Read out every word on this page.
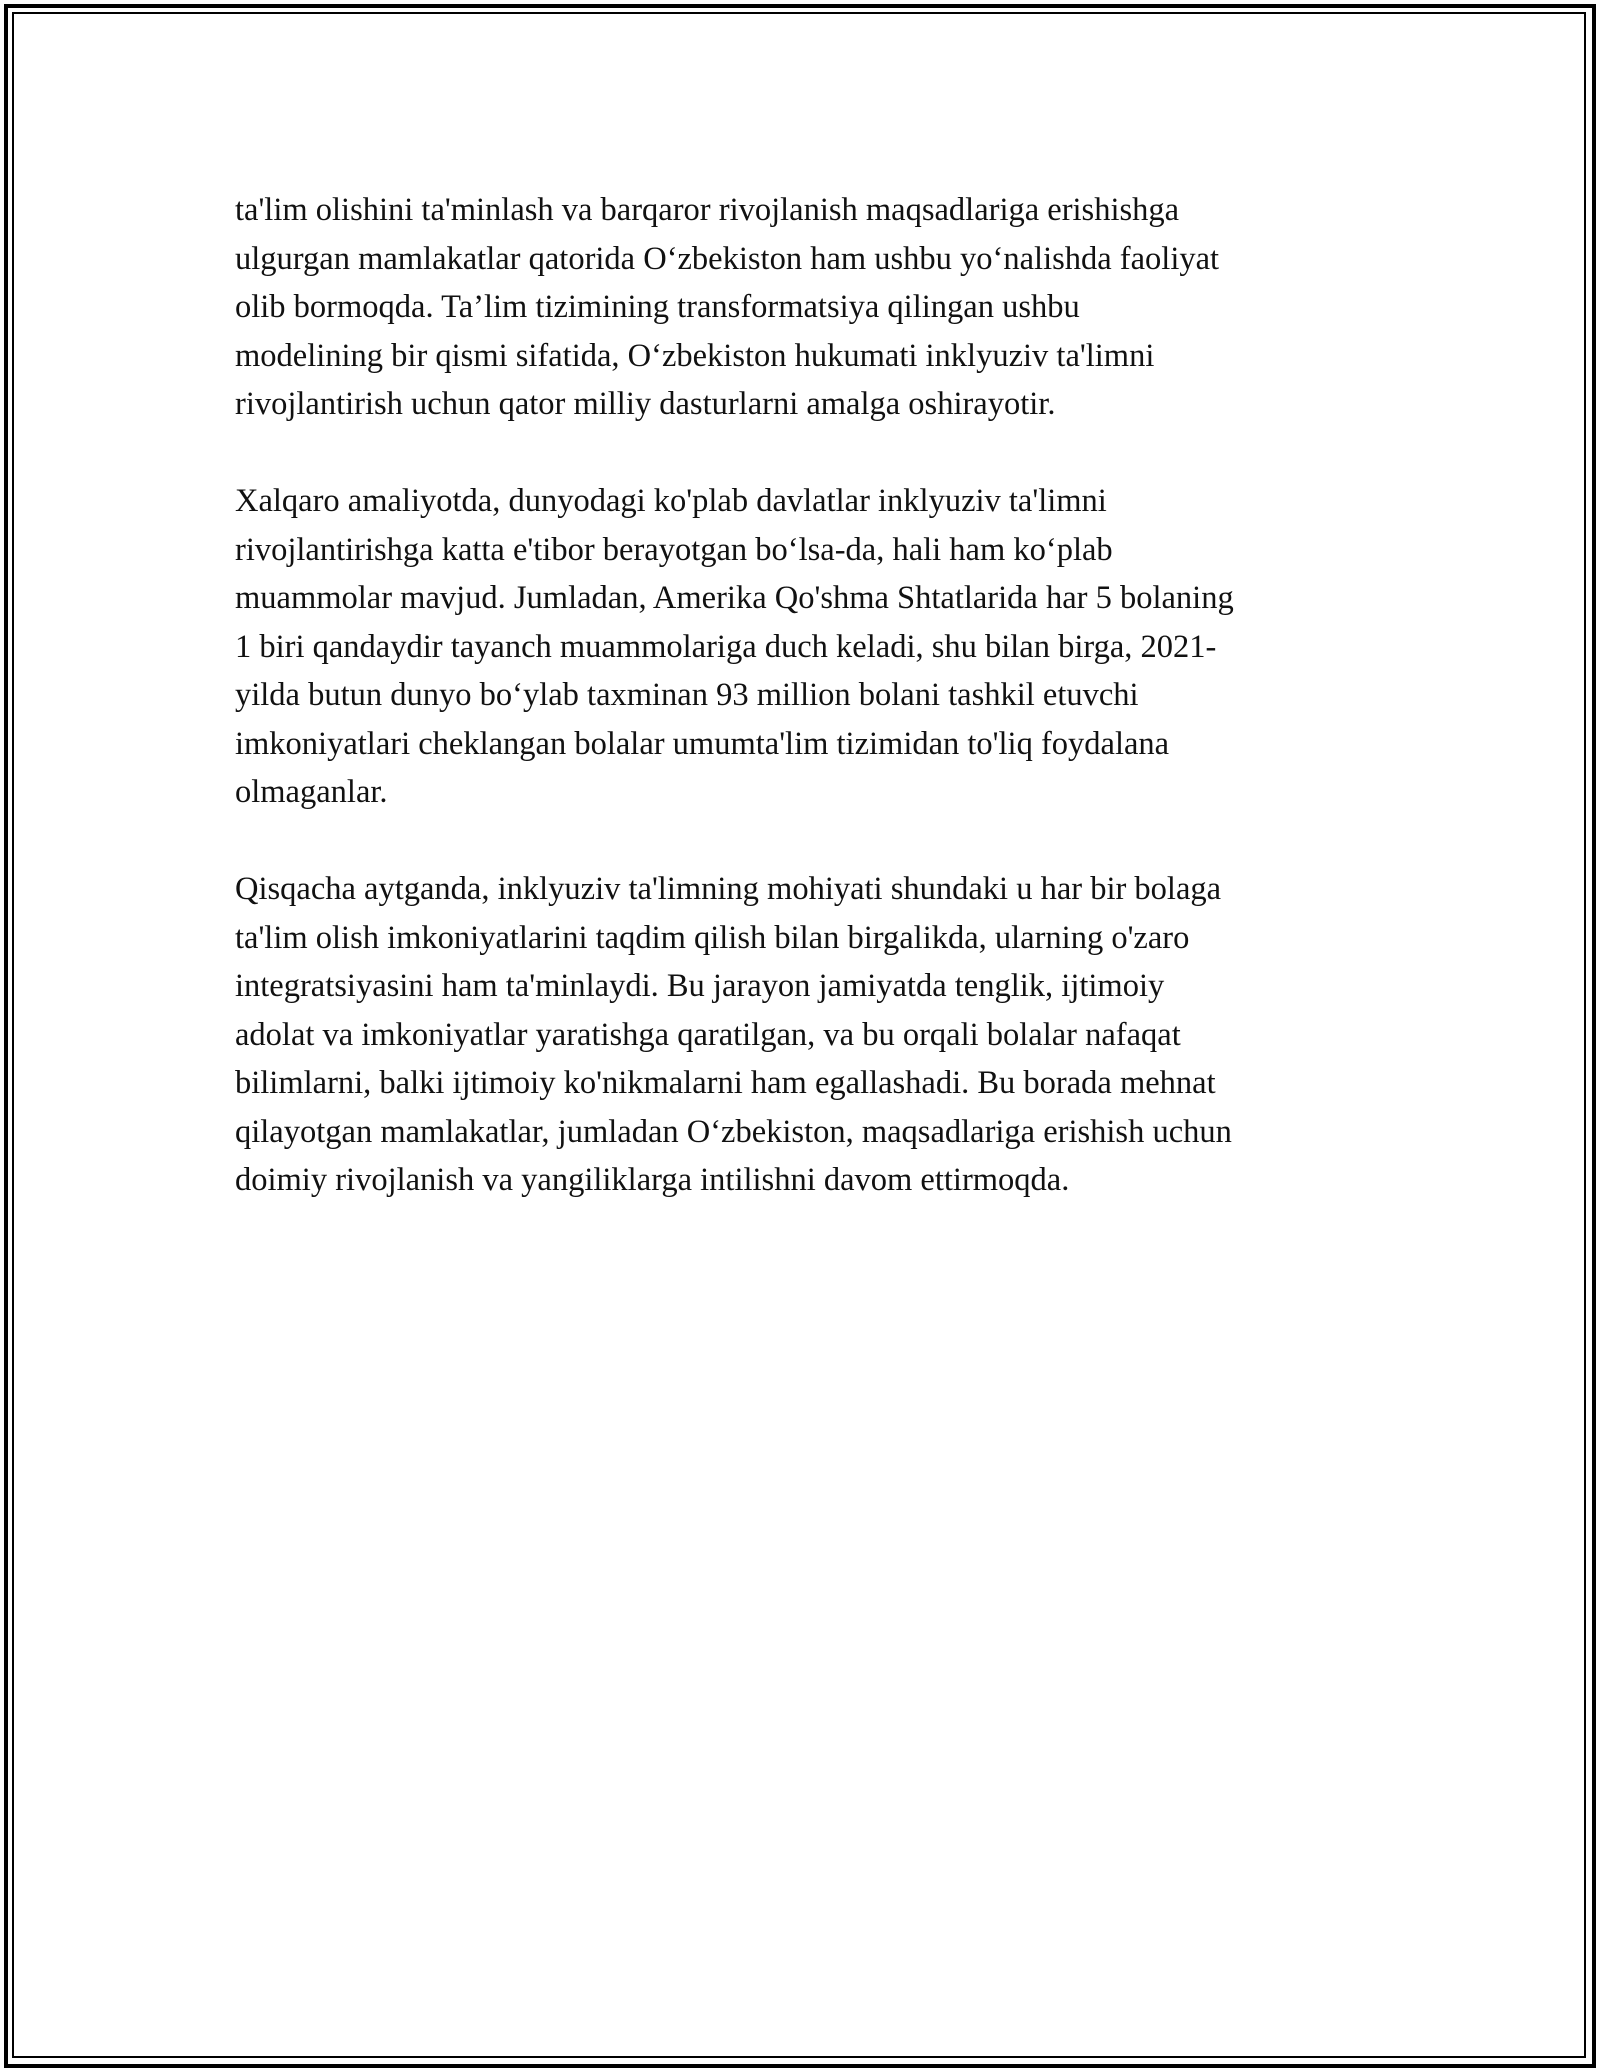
ta'lim olishini ta'minlash va barqaror rivojlanish maqsadlariga erishishga
ulgurgan mamlakatlar qatorida O‘zbekiston ham ushbu yo‘nalishda faoliyat
olib bormoqda. Ta’lim tizimining transformatsiya qilingan ushbu
modelining bir qismi sifatida, O‘zbekiston hukumati inklyuziv ta'limni
rivojlantirish uchun qator milliy dasturlarni amalga oshirayotir.

Xalqaro amaliyotda, dunyodagi ko'plab davlatlar inklyuziv ta'limni
rivojlantirishga katta e'tibor berayotgan bo‘lsa-da, hali ham ko‘plab
muammolar mavjud. Jumladan, Amerika Qo'shma Shtatlarida har 5 bolaning
1 biri qandaydir tayanch muammolariga duch keladi, shu bilan birga, 2021-
yilda butun dunyo bo‘ylab taxminan 93 million bolani tashkil etuvchi
imkoniyatlari cheklangan bolalar umumta'lim tizimidan to'liq foydalana
olmaganlar.

Qisqacha aytganda, inklyuziv ta'limning mohiyati shundaki u har bir bolaga
ta'lim olish imkoniyatlarini taqdim qilish bilan birgalikda, ularning o'zaro
integratsiyasini ham ta'minlaydi. Bu jarayon jamiyatda tenglik, ijtimoiy
adolat va imkoniyatlar yaratishga qaratilgan, va bu orqali bolalar nafaqat
bilimlarni, balki ijtimoiy ko'nikmalarni ham egallashadi. Bu borada mehnat
qilayotgan mamlakatlar, jumladan O‘zbekiston, maqsadlariga erishish uchun
doimiy rivojlanish va yangiliklarga intilishni davom ettirmoqda.
